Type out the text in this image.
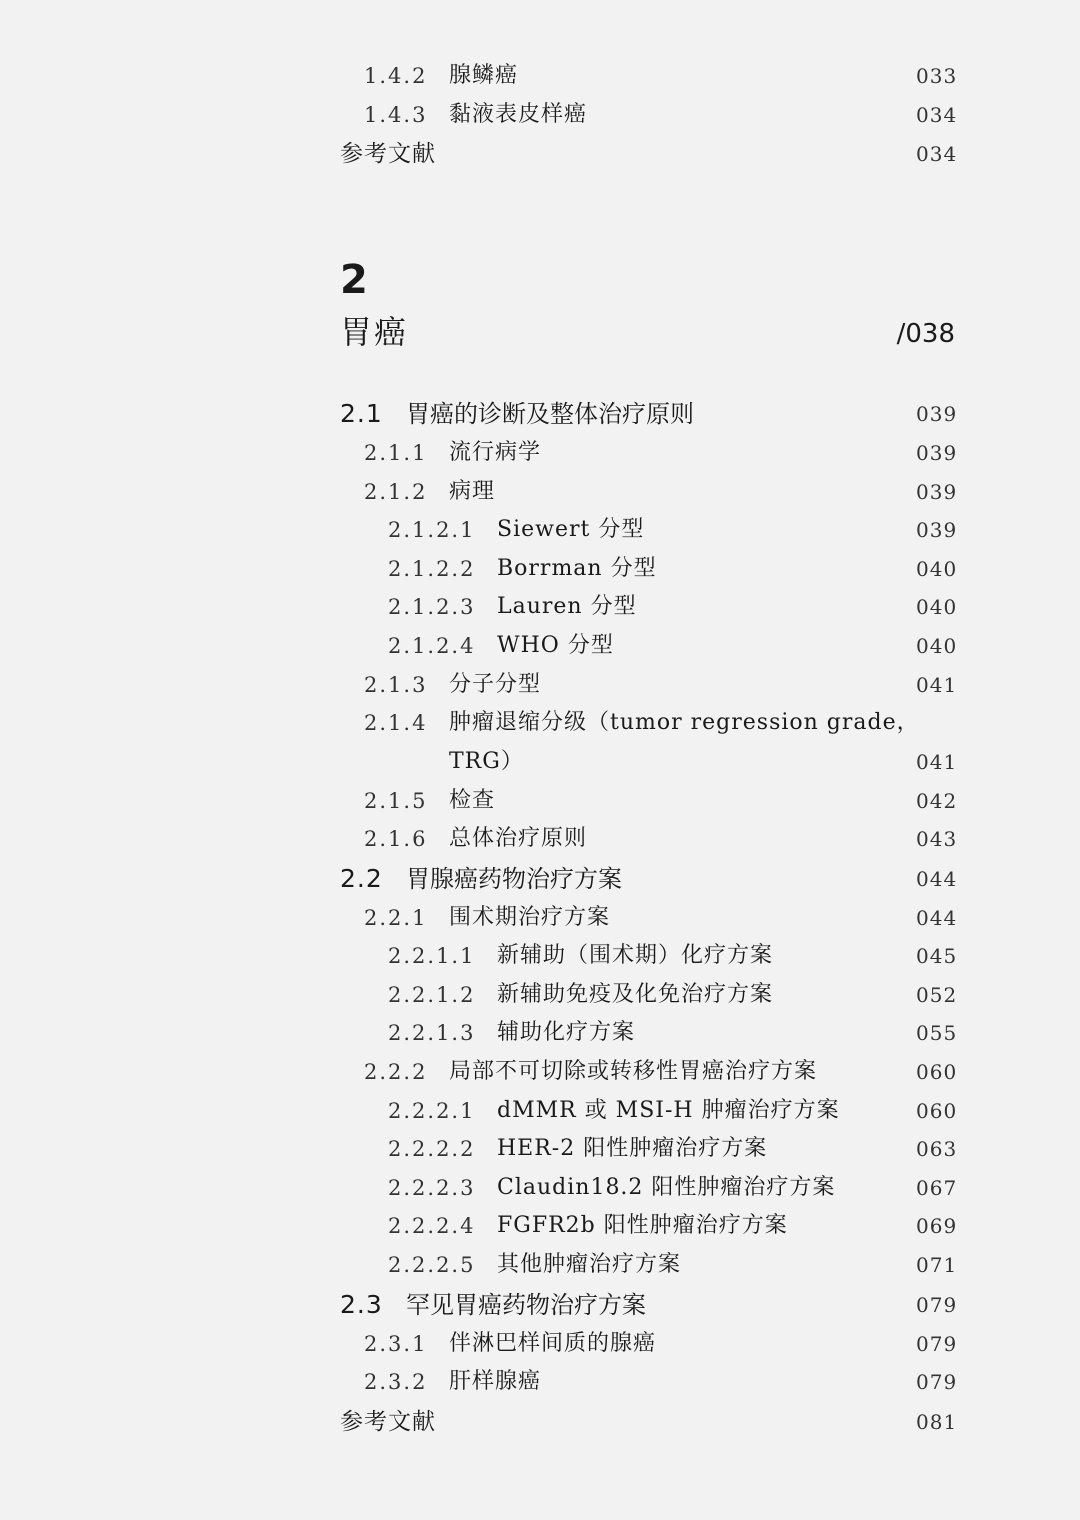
1.4.2 腺鳞癌	033
1.4.3 黏液表皮样癌	034
参考文献	034
2
胃癌	/038
2.1 胃癌的诊断及整体治疗原则	039
2.1.1 流行病学	039
2.1.2 病理	039
2.1.2.1 Siewert 分型	039
2.1.2.2 Borrman 分型	040
2.1.2.3 Lauren 分型	040
2.1.2.4 WHO 分型	040
2.1.3 分子分型	041
2.1.4 肿瘤退缩分级（tumor regression grade，
TRG）	041
2.1.5 检查	042
2.1.6 总体治疗原则	043
2.2 胃腺癌药物治疗方案	044
2.2.1 围术期治疗方案	044
2.2.1.1 新辅助（围术期）化疗方案	045
2.2.1.2 新辅助免疫及化免治疗方案	052
2.2.1.3 辅助化疗方案	055
2.2.2 局部不可切除或转移性胃癌治疗方案	060
2.2.2.1 dMMR 或 MSI-H 肿瘤治疗方案	060
2.2.2.2 HER-2 阳性肿瘤治疗方案	063
2.2.2.3 Claudin18.2 阳性肿瘤治疗方案	067
2.2.2.4 FGFR2b 阳性肿瘤治疗方案	069
2.2.2.5 其他肿瘤治疗方案	071
2.3 罕见胃癌药物治疗方案	079
2.3.1 伴淋巴样间质的腺癌	079
2.3.2 肝样腺癌	079
参考文献	081
